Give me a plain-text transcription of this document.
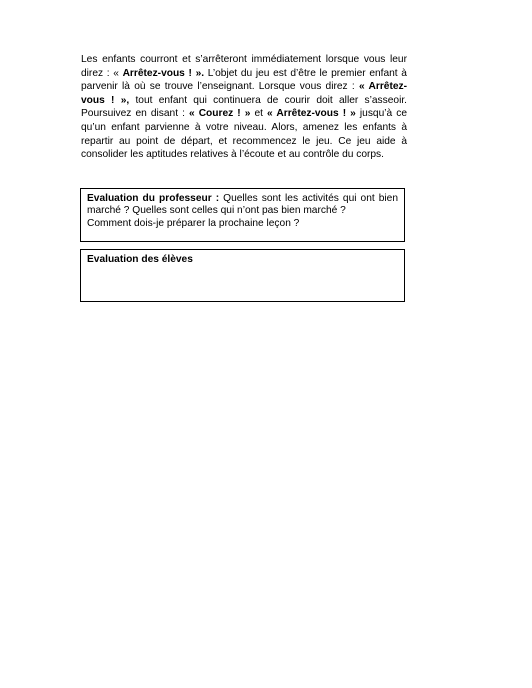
Les enfants courront et s’arrêteront immédiatement lorsque vous leur direz : « Arrêtez-vous ! ». L’objet du jeu est d’être le premier enfant à parvenir là où se trouve l’enseignant. Lorsque vous direz : « Arrêtez-vous ! », tout enfant qui continuera de courir doit aller s’asseoir. Poursuivez en disant : « Courez ! » et « Arrêtez-vous ! » jusqu’à ce qu’un enfant parvienne à votre niveau. Alors, amenez les enfants à repartir au point de départ, et recommencez le jeu. Ce jeu aide à consolider les aptitudes relatives à l’écoute et au contrôle du corps.

Evaluation du professeur : Quelles sont les activités qui ont bien marché ? Quelles sont celles qui n’ont pas bien marché ?

Comment dois-je préparer la prochaine leçon ?

Evaluation des élèves
